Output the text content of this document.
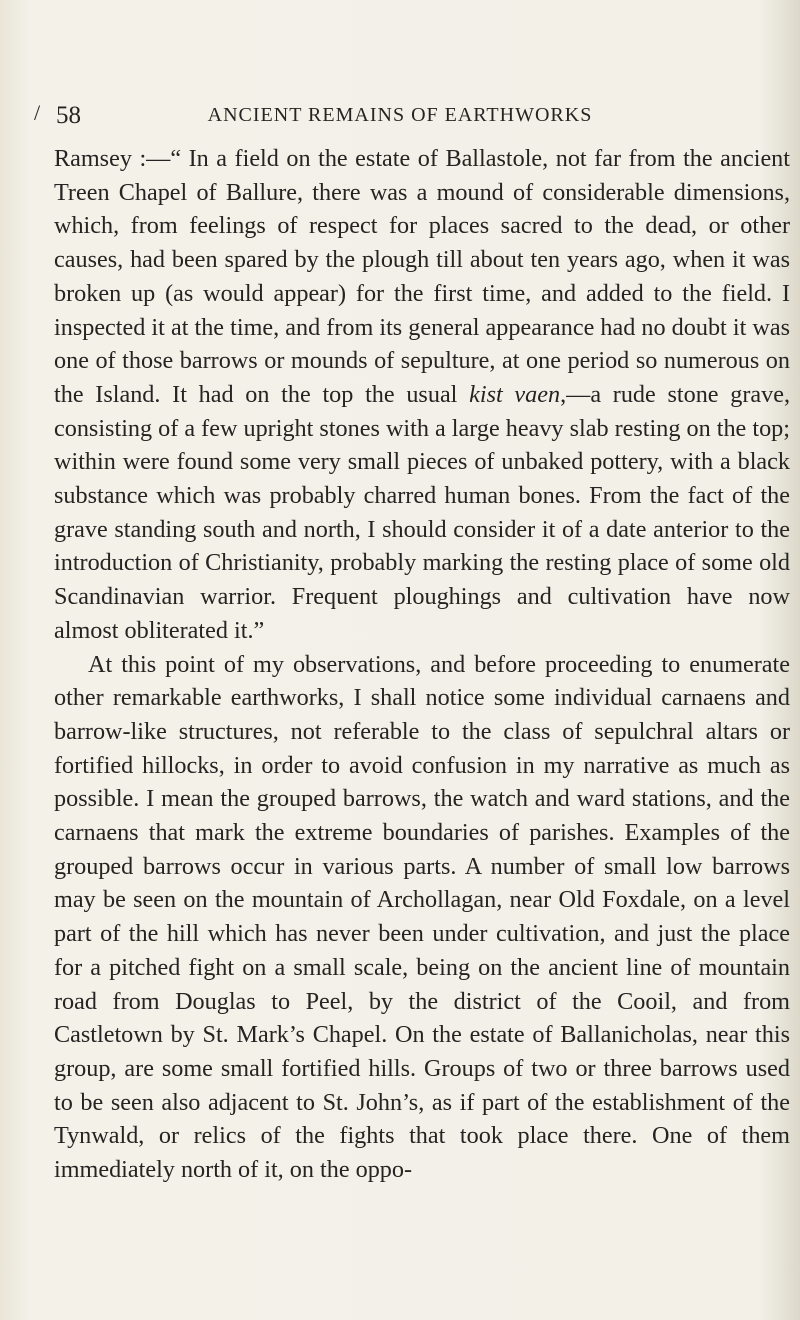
/ 58	ANCIENT REMAINS OF EARTHWORKS

Ramsey :—“ In a field on the estate of Ballastole, not far from the ancient Treen Chapel of Ballure, there was a mound of considerable dimensions, which, from feelings of respect for places sacred to the dead, or other causes, had been spared by the plough till about ten years ago, when it was broken up (as would appear) for the first time, and added to the field. I inspected it at the time, and from its general appearance had no doubt it was one of those barrows or mounds of sepulture, at one period so numerous on the Island. It had on the top the usual kist vaen,—a rude stone grave, consisting of a few upright stones with a large heavy slab resting on the top; within were found some very small pieces of unbaked pottery, with a black substance which was probably charred human bones. From the fact of the grave standing south and north, I should consider it of a date anterior to the introduction of Christianity, probably marking the resting place of some old Scandinavian warrior. Frequent ploughings and cultivation have now almost obliterated it.”

At this point of my observations, and before proceeding to enumerate other remarkable earthworks, I shall notice some individual carnaens and barrow-like structures, not referable to the class of sepulchral altars or fortified hillocks, in order to avoid confusion in my narrative as much as possible. I mean the grouped barrows, the watch and ward stations, and the carnaens that mark the extreme boundaries of parishes. Examples of the grouped barrows occur in various parts. A number of small low barrows may be seen on the mountain of Archollagan, near Old Foxdale, on a level part of the hill which has never been under cultivation, and just the place for a pitched fight on a small scale, being on the ancient line of mountain road from Douglas to Peel, by the district of the Cooil, and from Castletown by St. Mark’s Chapel. On the estate of Ballanicholas, near this group, are some small fortified hills. Groups of two or three barrows used to be seen also adjacent to St. John’s, as if part of the establishment of the Tynwald, or relics of the fights that took place there. One of them immediately north of it, on the oppo-
